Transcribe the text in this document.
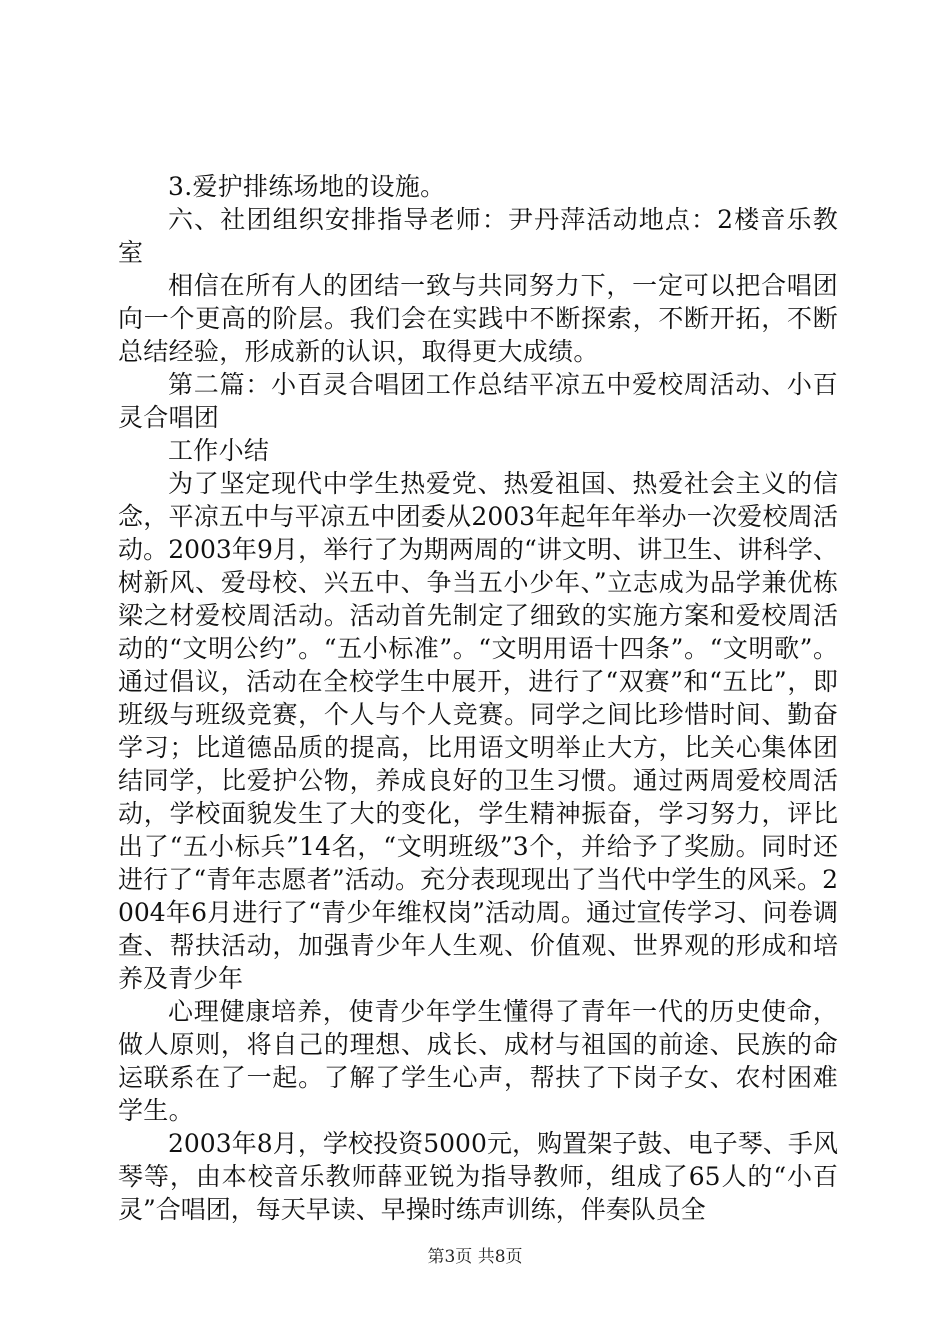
3.爱护排练场地的设施。

六、社团组织安排指导老师：尹丹萍活动地点：2楼音乐教室

相信在所有人的团结一致与共同努力下，一定可以把合唱团向一个更高的阶层。我们会在实践中不断探索，不断开拓，不断总结经验，形成新的认识，取得更大成绩。

第二篇：小百灵合唱团工作总结平凉五中爱校周活动、小百灵合唱团

工作小结

为了坚定现代中学生热爱党、热爱祖国、热爱社会主义的信念，平凉五中与平凉五中团委从2003年起年年举办一次爱校周活动。2003年9月，举行了为期两周的“讲文明、讲卫生、讲科学、树新风、爱母校、兴五中、争当五小少年、”立志成为品学兼优栋梁之材爱校周活动。活动首先制定了细致的实施方案和爱校周活动的“文明公约”。“五小标准”。“文明用语十四条”。“文明歌”。通过倡议，活动在全校学生中展开，进行了“双赛”和“五比”，即班级与班级竞赛，个人与个人竞赛。同学之间比珍惜时间、勤奋学习；比道德品质的提高，比用语文明举止大方，比关心集体团结同学，比爱护公物，养成良好的卫生习惯。通过两周爱校周活动，学校面貌发生了大的变化，学生精神振奋，学习努力，评比出了“五小标兵”14名，“文明班级”3个，并给予了奖励。同时还进行了“青年志愿者”活动。充分表现现出了当代中学生的风采。2004年6月进行了“青少年维权岗”活动周。通过宣传学习、问卷调查、帮扶活动，加强青少年人生观、价值观、世界观的形成和培养及青少年

心理健康培养，使青少年学生懂得了青年一代的历史使命，做人原则，将自己的理想、成长、成材与祖国的前途、民族的命运联系在了一起。了解了学生心声，帮扶了下岗子女、农村困难学生。

2003年8月，学校投资5000元，购置架子鼓、电子琴、手风琴等，由本校音乐教师薛亚锐为指导教师，组成了65人的“小百灵”合唱团，每天早读、早操时练声训练，伴奏队员全

第3页 共8页
